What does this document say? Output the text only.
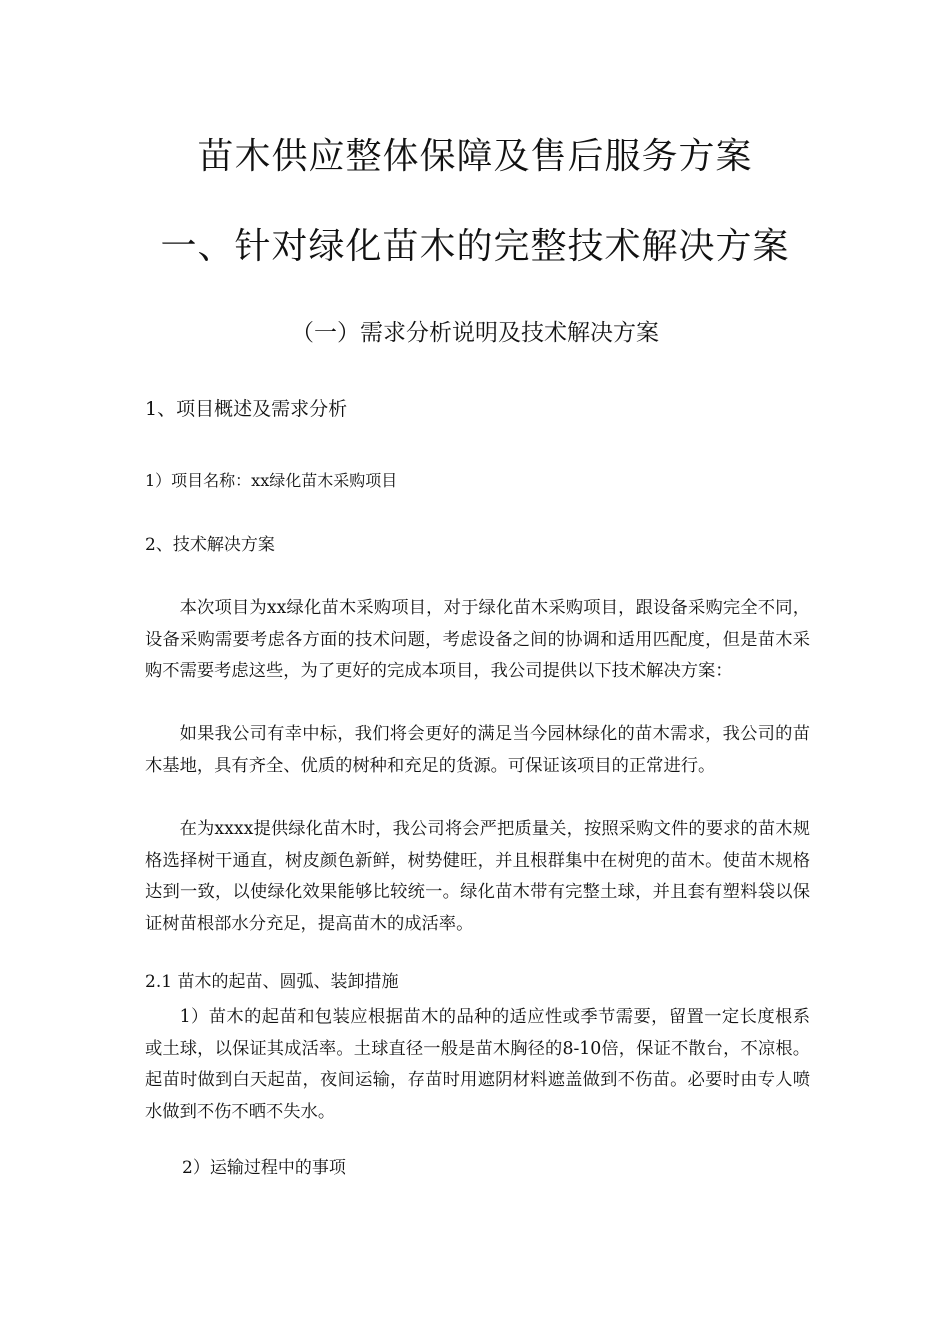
苗木供应整体保障及售后服务方案
一、针对绿化苗木的完整技术解决方案
（一）需求分析说明及技术解决方案
1、项目概述及需求分析
1）项目名称：xx绿化苗木采购项目
2、技术解决方案

本次项目为xx绿化苗木采购项目，对于绿化苗木采购项目，跟设备采购完全不同，设备采购需要考虑各方面的技术问题，考虑设备之间的协调和适用匹配度，但是苗木采购不需要考虑这些，为了更好的完成本项目，我公司提供以下技术解决方案：

如果我公司有幸中标，我们将会更好的满足当今园林绿化的苗木需求，我公司的苗木基地，具有齐全、优质的树种和充足的货源。可保证该项目的正常进行。

在为xxxx提供绿化苗木时，我公司将会严把质量关，按照采购文件的要求的苗木规格选择树干通直，树皮颜色新鲜，树势健旺，并且根群集中在树兜的苗木。使苗木规格达到一致，以使绿化效果能够比较统一。绿化苗木带有完整土球，并且套有塑料袋以保证树苗根部水分充足，提高苗木的成活率。

2.1 苗木的起苗、圆弧、装卸措施

1）苗木的起苗和包装应根据苗木的品种的适应性或季节需要，留置一定长度根系或土球，以保证其成活率。土球直径一般是苗木胸径的8-10倍，保证不散台，不凉根。起苗时做到白天起苗，夜间运输，存苗时用遮阴材料遮盖做到不伤苗。必要时由专人喷水做到不伤不晒不失水。

2）运输过程中的事项
